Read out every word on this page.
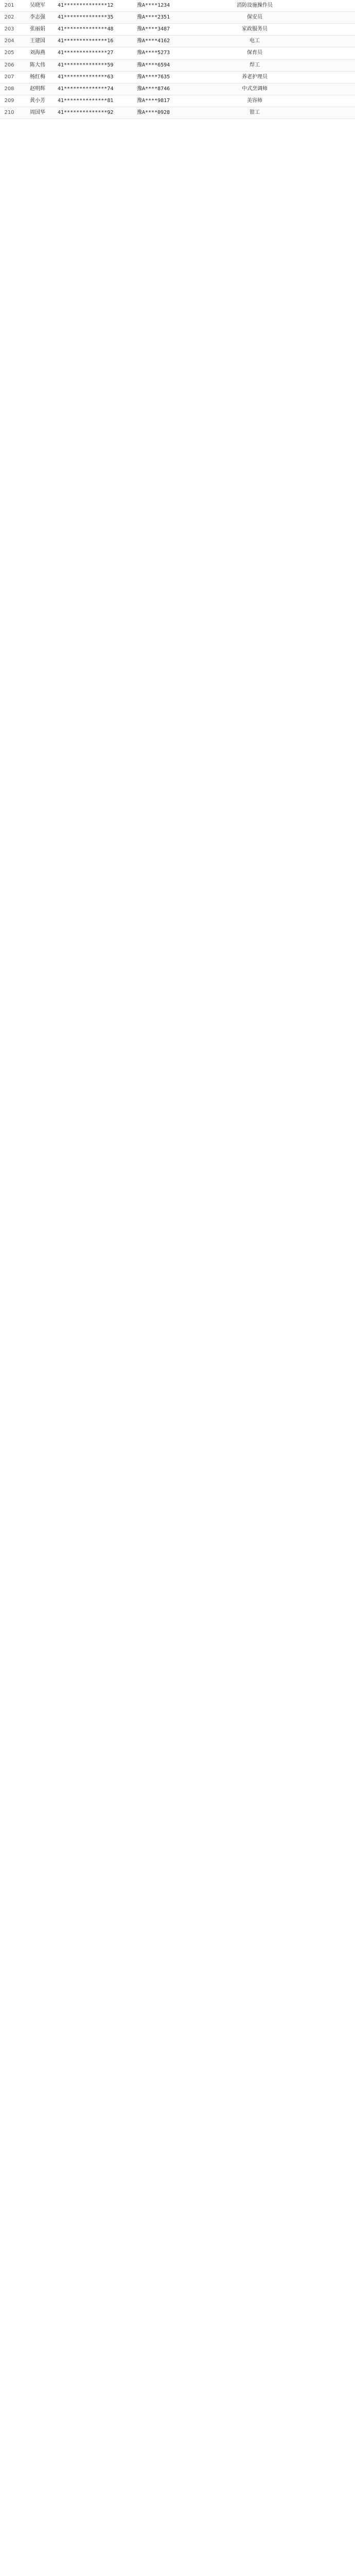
201	吴晓军	41**************12	豫A****1234	消防设施操作员	
202	李志强	41**************35	豫A****2351	保安员	
203	张丽娟	41**************48	豫A****3487	家政服务员	
204	王建国	41**************16	豫A****4162	电工	
205	刘海燕	41**************27	豫A****5273	保育员	
206	陈大伟	41**************59	豫A****6594	焊工	
207	杨红梅	41**************63	豫A****7635	养老护理员	
208	赵明辉	41**************74	豫A****8746	中式烹调师	
209	黄小芳	41**************81	豫A****9817	美容师	
210	周国华	41**************92	豫A****0928	钳工	
